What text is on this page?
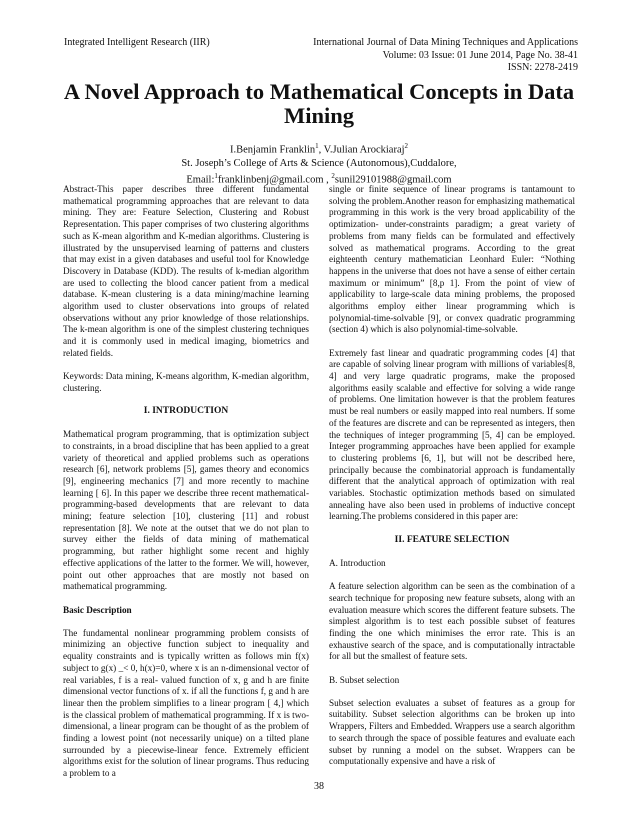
Integrated Intelligent Research (IIR)	International Journal of Data Mining Techniques and Applications
Volume: 03 Issue: 01 June 2014, Page No. 38-41
ISSN: 2278-2419
A Novel Approach to Mathematical Concepts in Data Mining
I.Benjamin Franklin$^1$, V.Julian Arockiaraj$^2$
St. Joseph’s College of Arts & Science (Autonomous),Cuddalore,
Email:$^1$franklinbenj@gmail.com , $^2$sunil29101988@gmail.com

Abstract-This paper describes three different fundamental mathematical programming approaches that are relevant to data mining. They are: Feature Selection, Clustering and Robust Representation. This paper comprises of two clustering algorithms such as K-mean algorithm and K-median algorithms. Clustering is illustrated by the unsupervised learning of patterns and clusters that may exist in a given databases and useful tool for Knowledge Discovery in Database (KDD). The results of k-median algorithm are used to collecting the blood cancer patient from a medical database. K-mean clustering is a data mining/machine learning algorithm used to cluster observations into groups of related observations without any prior knowledge of those relationships. The k-mean algorithm is one of the simplest clustering techniques and it is commonly used in medical imaging, biometrics and related fields.

Keywords: Data mining, K-means algorithm, K-median algorithm, clustering.

I. INTRODUCTION

Mathematical program programming, that is optimization subject to constraints, in a broad discipline that has been applied to a great variety of theoretical and applied problems such as operations research [6], network problems [5], games theory and economics [9], engineering mechanics [7] and more recently to machine learning [ 6]. In this paper we describe three recent mathematical-programming-based developments that are relevant to data mining; feature selection [10], clustering [11] and robust representation [8]. We note at the outset that we do not plan to survey either the fields of data mining of mathematical programming, but rather highlight some recent and highly effective applications of the latter to the former. We will, however, point out other approaches that are mostly not based on mathematical programming.

Basic Description

The fundamental nonlinear programming problem consists of minimizing an objective function subject to inequality and equality constraints and is typically written as follows min f(x) subject to g(x) _< 0, h(x)=0, where x is an n-dimensional vector of real variables, f is a real- valued function of x, g and h are finite dimensional vector functions of x. if all the functions f, g and h are linear then the problem simplifies to a linear program [ 4,] which is the classical problem of mathematical programming. If x is two-dimensional, a linear program can be thought of as the problem of finding a lowest point (not necessarily unique) on a tilted plane surrounded by a piecewise-linear fence. Extremely efficient algorithms exist for the solution of linear programs. Thus reducing a problem to a

single or finite sequence of linear programs is tantamount to solving the problem.Another reason for emphasizing mathematical programming in this work is the very broad applicability of the optimization- under-constraints paradigm; a great variety of problems from many fields can be formulated and effectively solved as mathematical programs. According to the great eighteenth century mathematician Leonhard Euler: “Nothing happens in the universe that does not have a sense of either certain maximum or minimum” [8,p 1]. From the point of view of applicability to large-scale data mining problems, the proposed algorithms employ either linear programming which is polynomial-time-solvable [9], or convex quadratic programming (section 4) which is also polynomial-time-solvable.

Extremely fast linear and quadratic programming codes [4] that are capable of solving linear program with millions of variables[8, 4] and very large quadratic programs, make the proposed algorithms easily scalable and effective for solving a wide range of problems. One limitation however is that the problem features must be real numbers or easily mapped into real numbers. If some of the features are discrete and can be represented as integers, then the techniques of integer programming [5, 4] can be employed. Integer programming approaches have been applied for example to clustering problems [6, 1], but will not be described here, principally because the combinatorial approach is fundamentally different that the analytical approach of optimization with real variables. Stochastic optimization methods based on simulated annealing have also been used in problems of inductive concept learning.The problems considered in this paper are:

II. FEATURE SELECTION
A. Introduction

A feature selection algorithm can be seen as the combination of a search technique for proposing new feature subsets, along with an evaluation measure which scores the different feature subsets. The simplest algorithm is to test each possible subset of features finding the one which minimises the error rate. This is an exhaustive search of the space, and is computationally intractable for all but the smallest of feature sets.

B. Subset selection

Subset selection evaluates a subset of features as a group for suitability. Subset selection algorithms can be broken up into Wrappers, Filters and Embedded. Wrappers use a search algorithm to search through the space of possible features and evaluate each subset by running a model on the subset. Wrappers can be computationally expensive and have a risk of

38
